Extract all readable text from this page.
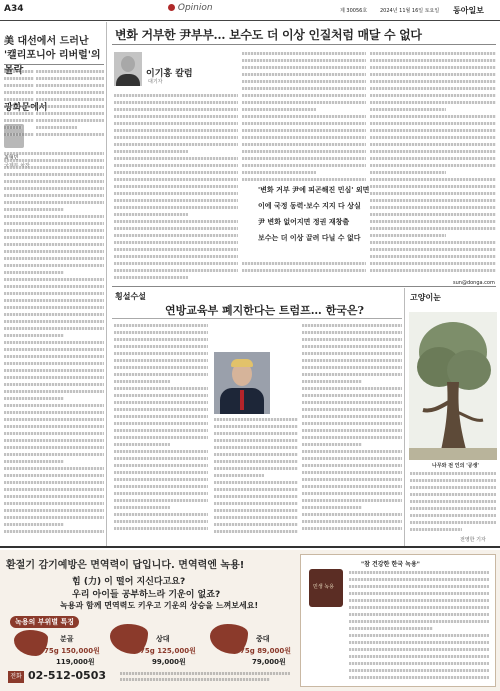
A34	Opinion	제 30056호	2024년 11월 16일 토요일 동아일보
美 대선에서 드러난
'캘리포니아 리버럴'의 몰락
광화문에서
최형민
국제부 차장
변화 거부한 尹부부… 보수도 더 이상 인질처럼 매달 수 없다
이기홍 칼럼
대기자
'변화 거부 尹에 피곤해진 민심' 외면
이에 국정 동력·보수 지지 다 상실
尹 변화 없어지면 정권 재창출
보수는 더 이상 끌려 다닐 수 없다
sun@donga.com
횡설수설
연방교육부 폐지한다는 트럼프… 한국은?
고양이눈
나무와 전 인의 '공생'
전영한 기자
환절기 감기예방은 면역력이 답입니다. 면역력엔 녹용!
힘 (力) 이 떨어 지신다고요?
우리 아이들 공부하느라 기운이 없죠?
녹용과 함께 면역력도 키우고 기운의 상승을 느껴보세요!
녹용의 부위별 특징
분골
75g 150,000원
119,000원
상대
75g 125,000원
99,000원
중대
75g 89,000원
79,000원
전화 02-512-0503
"참 건강한 한국 녹용"
민생 녹용
